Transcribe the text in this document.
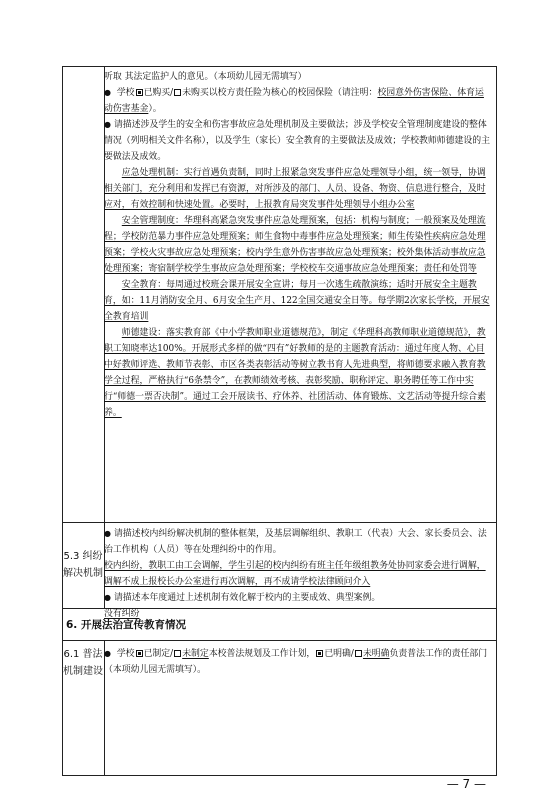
听取 其法定监护人的意见。（本项幼儿园无需填写）

● 学校 已购买/ 未购买以校方责任险为核心的校园保险（请注明：校园意外伤害保险、体育运动伤害基金）。

● 请描述涉及学生的安全和伤害事故应急处理机制及主要做法；涉及学校安全管理制度建设的整体情况（列明相关文件名称），以及学生（家长）安全教育的主要做法及成效；学校教师师德建设的主要做法及成效。

应急处理机制：实行首遇负责制，同时上报紧急突发事件应急处理领导小组，统一领导，协调相关部门，充分利用和发挥已有资源，对所涉及的部门、人员、设备、物资、信息进行整合，及时应对，有效控制和快速处置。必要时，上报教育局突发事件处理领导小组办公室

安全管理制度：华理科高紧急突发事件应急处理预案，包括：机构与制度；一般预案及处理流程；学校防范暴力事件应急处理预案；师生食物中毒事件应急处理预案；师生传染性疾病应急处理预案；学校火灾事故应急处理预案；校内学生意外伤害事故应急处理预案；校外集体活动事故应急处理预案；寄宿制学校学生事故应急处理预案；学校校车交通事故应急处理预案；责任和处罚等

安全教育：每周通过校班会课开展安全宣讲；每月一次逃生疏散演练；适时开展安全主题教育，如：11月消防安全月、6月安全生产月、122全国交通安全日等。每学期2次家长学校，开展安全教育培训

师德建设：落实教育部《中小学教师职业道德规范》，制定《华理科高教师职业道德规范》，教职工知晓率达100%。开展形式多样的做“四有”好教师的是的主题教育活动：通过年度人物、心目中好教师评选、教师节表彰、市区各类表彰活动等树立教书育人先进典型，将师德要求融入教育教学全过程，严格执行“6条禁令”，在教师绩效考核、表彰奖励、职称评定、职务聘任等工作中实行“师德一票否决制”。通过工会开展读书、疗休养、社团活动、体育锻炼、文艺活动等提升综合素养。

5.3 纠纷
解决机制

● 请描述校内纠纷解决机制的整体框架，及基层调解组织、教职工（代表）大会、家长委员会、法治工作机构（人员）等在处理纠纷中的作用。

校内纠纷，教职工由工会调解，学生引起的校内纠纷有班主任年级组教务处协同家委会进行调解，调解不成上报校长办公室进行再次调解，再不成请学校法律顾问介入

● 请描述本年度通过上述机制有效化解于校内的主要成效、典型案例。

没有纠纷

6. 开展法治宣传教育情况
6.1 普法
机制建设

● 学校 已制定/ 未制定本校普法规划及工作计划， 已明确/ 未明确负责普法工作的责任部门（本项幼儿园无需填写）。

— 7 —
